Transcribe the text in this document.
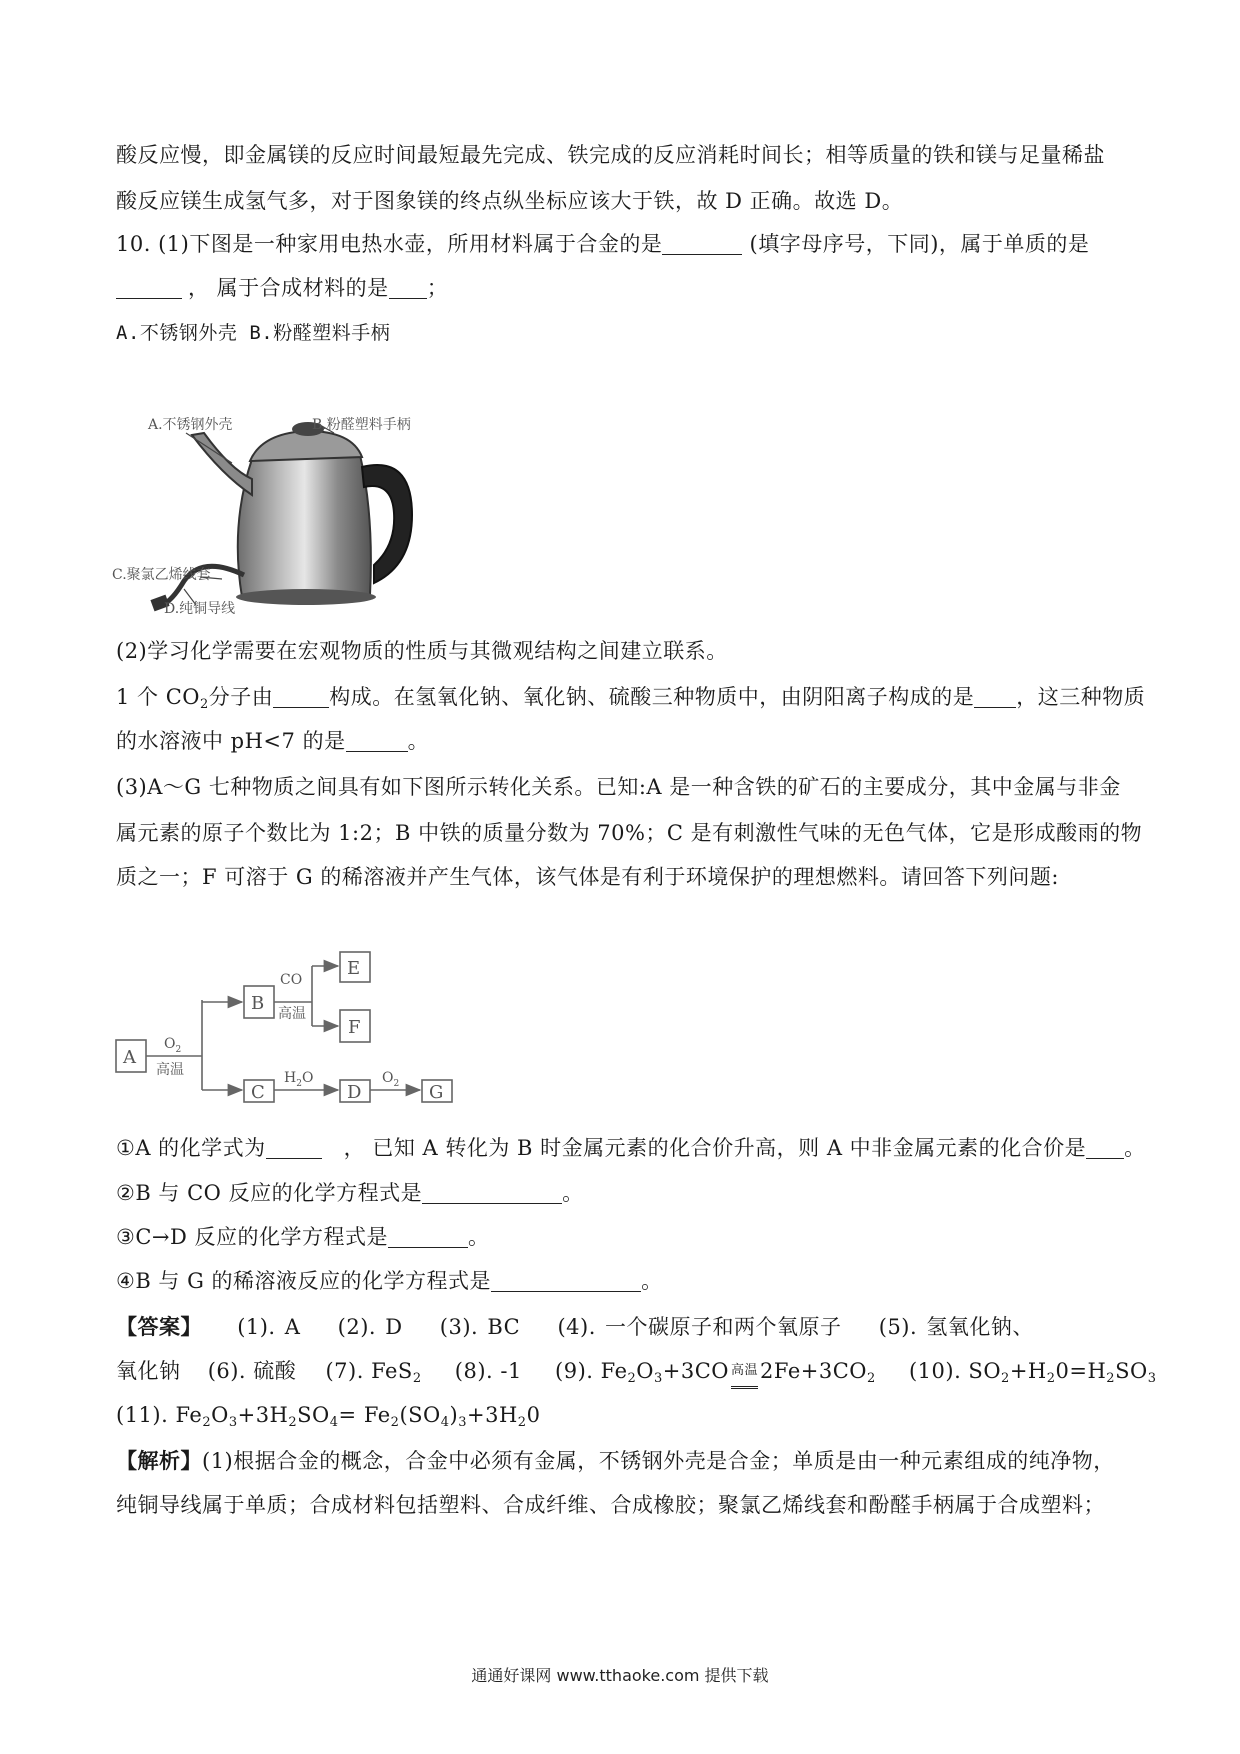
酸反应慢，即金属镁的反应时间最短最先完成、铁完成的反应消耗时间长；相等质量的铁和镁与足量稀盐
酸反应镁生成氢气多，对于图象镁的终点纵坐标应该大于铁，故 D 正确。故选 D。
10. (1)下图是一种家用电热水壶，所用材料属于合金的是	(填字母序号，下同)，属于单质的是
， 属于合成材料的是 ；
A.不锈钢外壳 B.粉醛塑料手柄
A.不锈钢外壳	B.粉醛塑料手柄
C.聚氯乙烯线套
D.纯铜导线
(2)学习化学需要在宏观物质的性质与其微观结构之间建立联系。
1 个 $CO_2$分子由	构成。在氢氧化钠、氧化钠、硫酸三种物质中，由阴阳离子构成的是 ，这三种物质
的水溶液中 pH<7 的是	。
(3)A～G 七种物质之间具有如下图所示转化关系。已知:A 是一种含铁的矿石的主要成分，其中金属与非金
属元素的原子个数比为 1:2；B 中铁的质量分数为 70%；C 是有刺激性气味的无色气体，它是形成酸雨的物
质之一；F 可溶于 G 的稀溶液并产生气体，该气体是有利于环境保护的理想燃料。请回答下列问题:
A
B
C
E
F
D	G
$O_2$
高温
CO
高温
$H_2O$	$O_2$
①A 的化学式为	， 已知 A 转化为 B 时金属元素的化合价升高，则 A 中非金属元素的化合价是 。
②B 与 CO 反应的化学方程式是	。
③C→D 反应的化学方程式是	。
④B 与 G 的稀溶液反应的化学方程式是	。
【答案】 (1). A (2). D (3). BC (4). 一个碳原子和两个氧原子 (5). 氢氧化钠、
氧化钠 (6). 硫酸 (7). FeS$_2$ (8). -1 (9). $Fe_2O_3+3CO$ 高温$2Fe+3CO_2$ (10). $SO_2+H_20=H_2SO_3$
(11). $Fe_2O_3+3H_2SO_4= Fe_2(SO_4)_3+3H_20$
【解析】(1)根据合金的概念，合金中必须有金属，不锈钢外壳是合金；单质是由一种元素组成的纯净物，
纯铜导线属于单质；合成材料包括塑料、合成纤维、合成橡胶；聚氯乙烯线套和酚醛手柄属于合成塑料；
通通好课网 www.tthaoke.com 提供下载
